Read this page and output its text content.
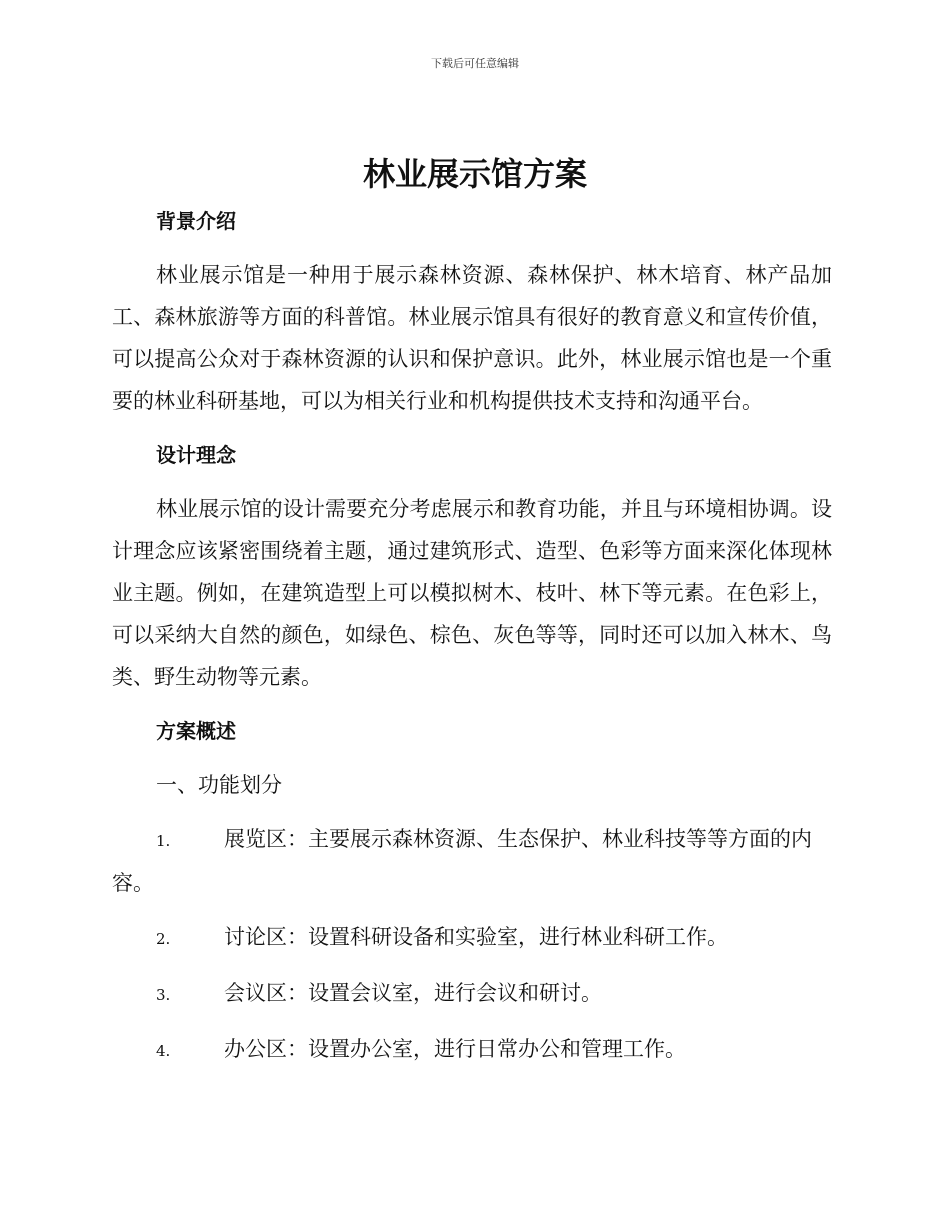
下载后可任意编辑
林业展示馆方案

背景介绍

林业展示馆是一种用于展示森林资源、森林保护、林木培育、林产品加工、森林旅游等方面的科普馆。林业展示馆具有很好的教育意义和宣传价值，可以提高公众对于森林资源的认识和保护意识。此外，林业展示馆也是一个重要的林业科研基地，可以为相关行业和机构提供技术支持和沟通平台。

设计理念

林业展示馆的设计需要充分考虑展示和教育功能，并且与环境相协调。设计理念应该紧密围绕着主题，通过建筑形式、造型、色彩等方面来深化体现林业主题。例如，在建筑造型上可以模拟树木、枝叶、林下等元素。在色彩上，可以采纳大自然的颜色，如绿色、棕色、灰色等等，同时还可以加入林木、鸟类、野生动物等元素。

方案概述

一、功能划分

1.	展览区：主要展示森林资源、生态保护、林业科技等等方面的内容。

2.	讨论区：设置科研设备和实验室，进行林业科研工作。

3.	会议区：设置会议室，进行会议和研讨。

4.	办公区：设置办公室，进行日常办公和管理工作。
